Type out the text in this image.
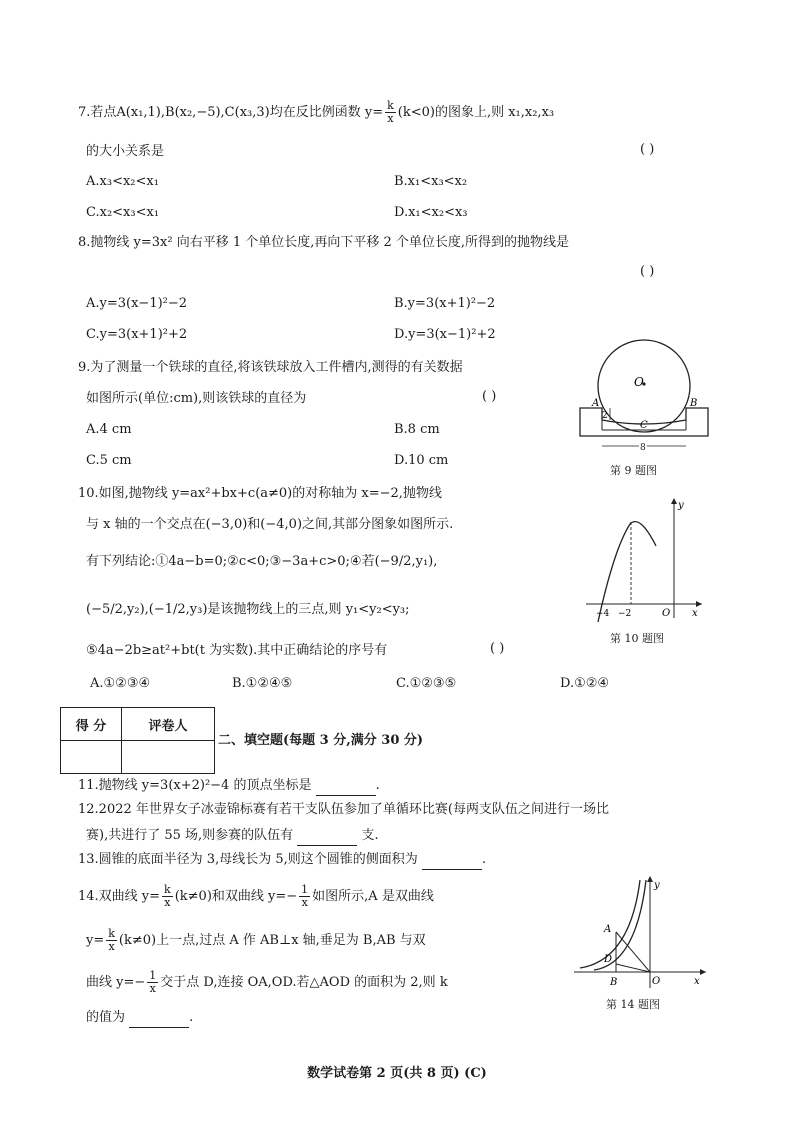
7.若点A(x₁,1),B(x₂,−5),C(x₃,3)均在反比例函数 $y= \frac{k}{x} (k<0)$的图象上,则 x₁,x₂,x₃
的大小关系是	( )
A.x₃<x₂<x₁	B.x₁<x₃<x₂
C.x₂<x₃<x₁	D.x₁<x₂<x₃
8.抛物线 y=3x² 向右平移 1 个单位长度,再向下平移 2 个单位长度,所得到的抛物线是
( )
A.y=3(x−1)²−2	B.y=3(x+1)²−2
C.y=3(x+1)²+2	D.y=3(x−1)²+2
9.为了测量一个铁球的直径,将该铁球放入工件槽内,测得的有关数据
如图所示(单位:cm),则该铁球的直径为	( )
A.4 cm	B.8 cm
C.5 cm	D.10 cm
O
A	B
C
2
8
第 9 题图
10.如图,抛物线 y=ax²+bx+c(a≠0)的对称轴为 x=−2,抛物线
与 x 轴的一个交点在(−3,0)和(−4,0)之间,其部分图象如图所示.
有下列结论:①4a−b=0;②c<0;③−3a+c>0;④若(−9/2,y₁),
(−5/2,y₂),(−1/2,y₃)是该抛物线上的三点,则 y₁<y₂<y₃;
⑤4a−2b≥at²+bt(t 为实数).其中正确结论的序号有	( )
A.①②③④	B.①②④⑤	C.①②③⑤	D.①②④
y
x
O
−4 −2
第 10 题图
得 分	评卷人

二、填空题(每题 3 分,满分 30 分)
11.抛物线 y=3(x+2)²−4 的顶点坐标是	.
12.2022 年世界女子冰壶锦标赛有若干支队伍参加了单循环比赛(每两支队伍之间进行一场比
赛),共进行了 55 场,则参赛的队伍有	支.
13.圆锥的底面半径为 3,母线长为 5,则这个圆锥的侧面积为	.
14.双曲线 $y= \frac{k}{x} (k\ne 0)$和双曲线 $y=- \frac{1}{x}$ 如图所示,A 是双曲线
$y= \frac{k}{x} (k\ne 0)$上一点,过点 A 作 AB⊥x 轴,垂足为 B,AB 与双
曲线 $y=- \frac{1}{x}$ 交于点 D,连接 OA,OD.若△AOD 的面积为 2,则 k
的值为	.
y
x
O
A
B
D
第 14 题图
数学试卷第 2 页(共 8 页) (C)
